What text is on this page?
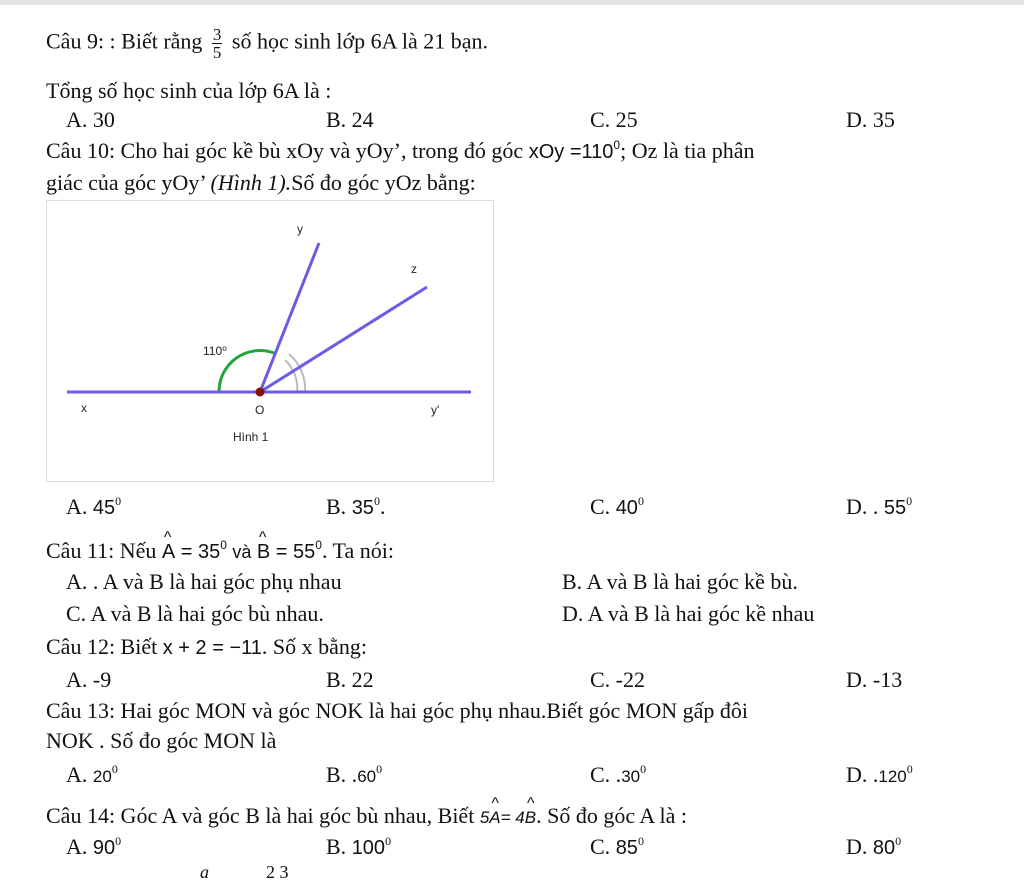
Câu 9: : Biết rằng $\frac{3}{5}$ số học sinh lớp 6A là 21 bạn.
Tổng số học sinh của lớp 6A là :
A. 30	B. 24	C. 25	D. 35
Câu 10: Cho hai góc kề bù xOy và yOy’, trong đó góc xOy $=110^0$; Oz là tia phân
giác của góc yOy’ (Hình 1).Số đo góc yOz bằng:
y
z
110⁰
x	O	y'
Hình 1
A. $45^0$	B. $35^0$.	C. $40^0$	D. . $55^0$
Câu 11: Nếu ^ $A = 35^0$ và ^ $B = 55^0$. Ta nói:
A. . A và B là hai góc phụ nhau	B. A và B là hai góc kề bù.
C. A và B là hai góc bù nhau.	D. A và B là hai góc kề nhau
Câu 12: Biết x + 2 = −11. Số x bằng:
A. -9	B. 22	C. -22	D. -13
Câu 13: Hai góc MON và góc NOK là hai góc phụ nhau.Biết góc MON gấp đôi
NOK . Số đo góc MON là
A. $20^0$	B. $.60^0$	C. $.30^0$	D. .120$^0$
Câu 14: Góc A và góc B là hai góc bù nhau, Biết 5^ A= 4^ B. Số đo góc A là :
A. $90^0$	B. $100^0$	C. $85^0$	D. $80^0$
a	2 3
